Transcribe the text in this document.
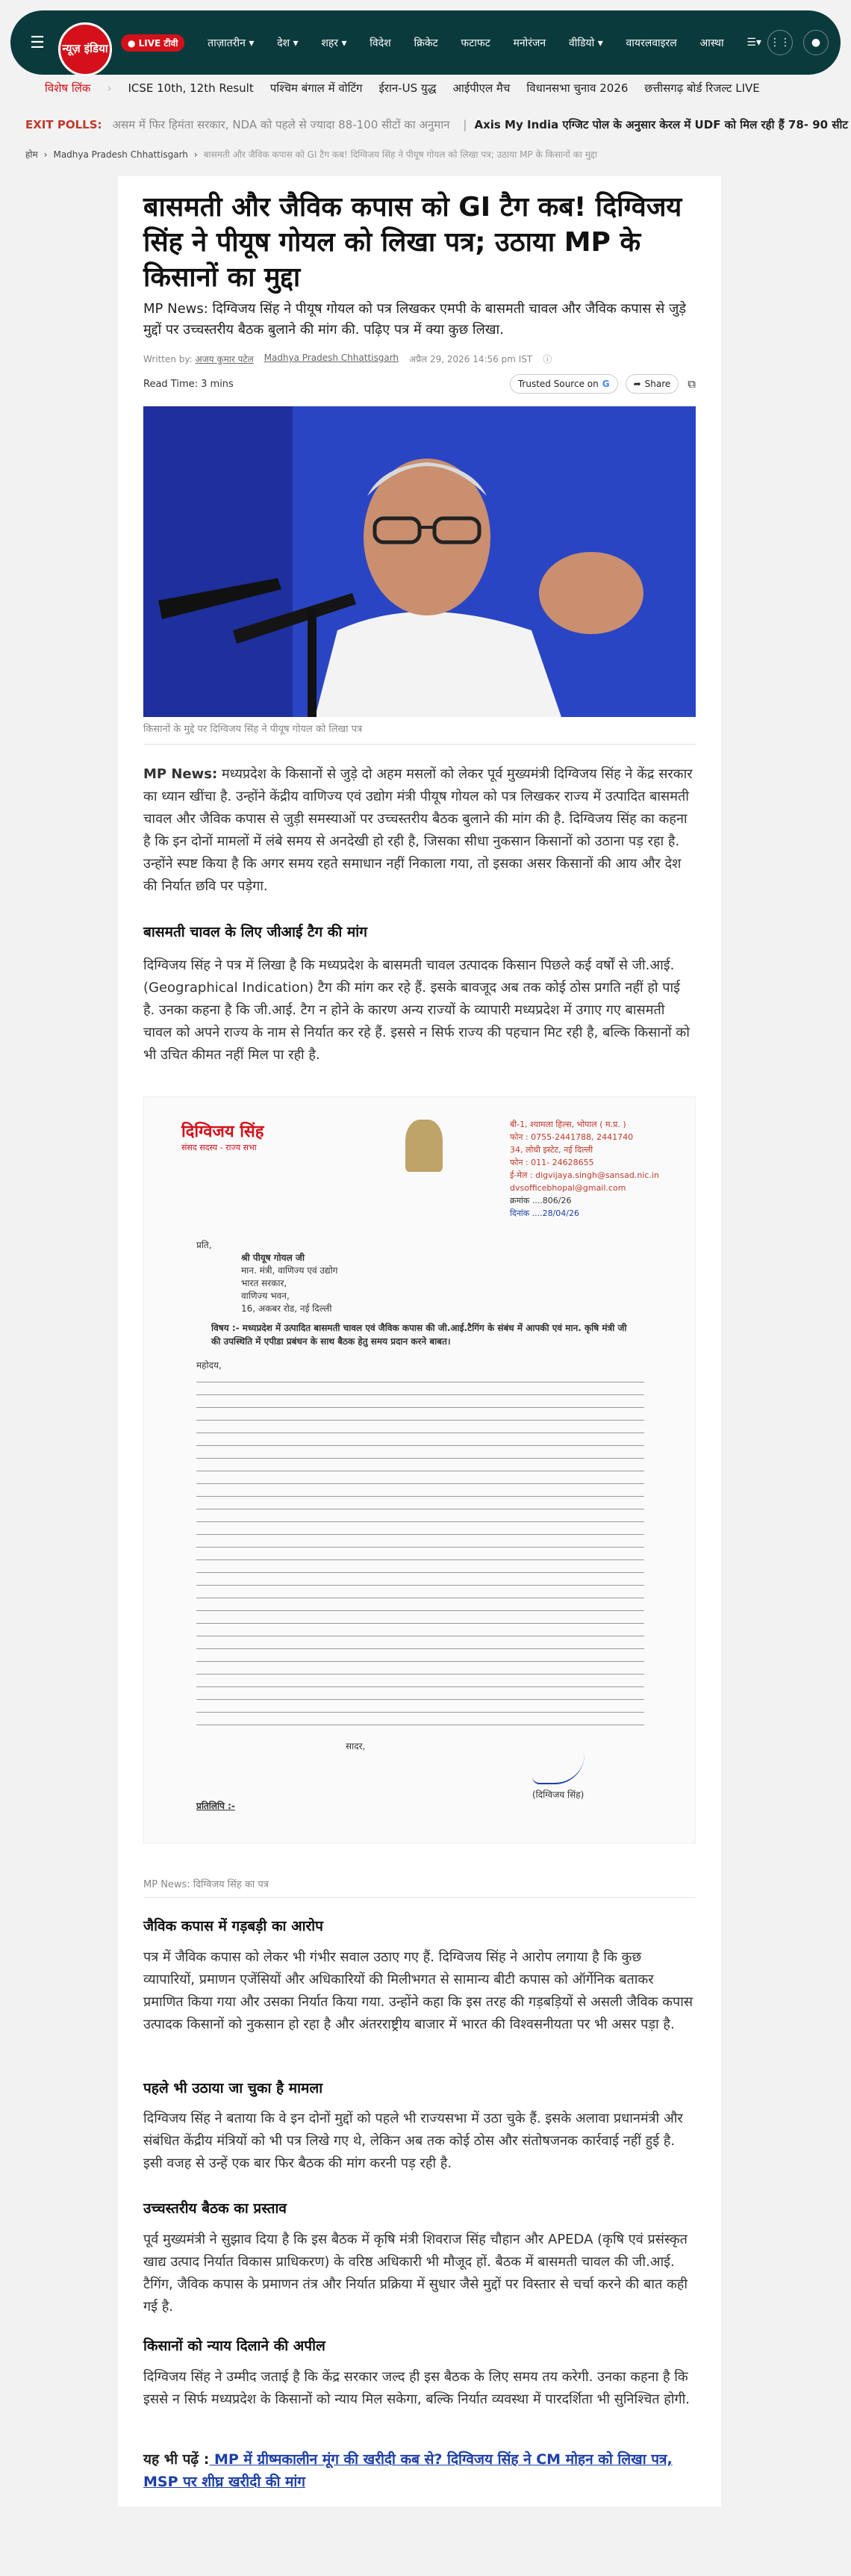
☰	न्यूज़ इंडिया	● LIVE टीवी	ताज़ातरीन ▾ देश ▾ शहर ▾ विदेश क्रिकेट फटाफट मनोरंजन वीडियो ▾ वायरलवाइरल आस्था ☰▾ ⋮⋮	●
विशेष लिंक › ICSE 10th, 12th Result पश्चिम बंगाल में वोटिंग ईरान-US युद्ध आईपीएल मैच विधानसभा चुनाव 2026 छत्तीसगढ़ बोर्ड रिजल्ट LIVE
EXIT POLLS: असम में फिर हिमंता सरकार, NDA को पहले से ज्यादा 88-100 सीटों का अनुमान | Axis My India एग्जिट पोल के अनुसार केरल में UDF को मिल रही हैं 78- 90 सीट
होम › Madhya Pradesh Chhattisgarh › बासमती और जैविक कपास को GI टैग कब! दिग्विजय सिंह ने पीयूष गोयल को लिखा पत्र; उठाया MP के किसानों का मुद्दा
बासमती और जैविक कपास को GI टैग कब! दिग्विजय सिंह ने पीयूष गोयल को लिखा पत्र; उठाया MP के किसानों का मुद्दा
MP News: दिग्विजय सिंह ने पीयूष गोयल को पत्र लिखकर एमपी के बासमती चावल और जैविक कपास से जुड़े मुद्दों पर उच्चस्तरीय बैठक बुलाने की मांग की. पढ़िए पत्र में क्या कुछ लिखा.
Written by: अजय कुमार पटेल Madhya Pradesh Chhattisgarh अप्रैल 29, 2026 14:56 pm IST ⓘ
Read Time: 3 mins	Trusted Source on G	➦ Share ⧉
किसानों के मुद्दे पर दिग्विजय सिंह ने पीयूष गोयल को लिखा पत्र
MP News: मध्यप्रदेश के किसानों से जुड़े दो अहम मसलों को लेकर पूर्व मुख्यमंत्री दिग्विजय सिंह ने केंद्र सरकार का ध्यान खींचा है. उन्होंने केंद्रीय वाणिज्य एवं उद्योग मंत्री पीयूष गोयल को पत्र लिखकर राज्य में उत्पादित बासमती चावल और जैविक कपास से जुड़ी समस्याओं पर उच्चस्तरीय बैठक बुलाने की मांग की है. दिग्विजय सिंह का कहना है कि इन दोनों मामलों में लंबे समय से अनदेखी हो रही है, जिसका सीधा नुकसान किसानों को उठाना पड़ रहा है. उन्होंने स्पष्ट किया है कि अगर समय रहते समाधान नहीं निकाला गया, तो इसका असर किसानों की आय और देश की निर्यात छवि पर पड़ेगा.
बासमती चावल के लिए जीआई टैग की मांग
दिग्विजय सिंह ने पत्र में लिखा है कि मध्यप्रदेश के बासमती चावल उत्पादक किसान पिछले कई वर्षों से जी.आई. (Geographical Indication) टैग की मांग कर रहे हैं. इसके बावजूद अब तक कोई ठोस प्रगति नहीं हो पाई है. उनका कहना है कि जी.आई. टैग न होने के कारण अन्य राज्यों के व्यापारी मध्यप्रदेश में उगाए गए बासमती चावल को अपने राज्य के नाम से निर्यात कर रहे हैं. इससे न सिर्फ राज्य की पहचान मिट रही है, बल्कि किसानों को भी उचित कीमत नहीं मिल पा रही है.
दिग्विजय सिंह
संसद सदस्य - राज्य सभा
बी-1, श्यामला हिल्स, भोपाल ( म.प्र. )
फोन : 0755-2441788, 2441740
34, लोधी इस्टेट, नई दिल्ली
फोन : 011- 24628655
ई-मेल : digvijaya.singh@sansad.nic.in
dvsofficebhopal@gmail.com
क्रमांक ....806/26
दिनांक ....28/04/26
प्रति,
श्री पीयूष गोयल जी
मान. मंत्री, वाणिज्य एवं उद्योग
भारत सरकार,
वाणिज्य भवन,
16, अकबर रोड, नई दिल्ली
विषय :- मध्यप्रदेश में उत्पादित बासमती चावल एवं जैविक कपास की जी.आई.टैगिंग के संबंध में आपकी एवं मान. कृषि मंत्री जी की उपस्थिति में एपीडा प्रबंधन के साथ बैठक हेतु समय प्रदान करने बाबत।
महोदय,
सादर,
(दिग्विजय सिंह)
प्रतिलिपि :-
MP News: दिग्विजय सिंह का पत्र
जैविक कपास में गड़बड़ी का आरोप
पत्र में जैविक कपास को लेकर भी गंभीर सवाल उठाए गए हैं. दिग्विजय सिंह ने आरोप लगाया है कि कुछ व्यापारियों, प्रमाणन एजेंसियों और अधिकारियों की मिलीभगत से सामान्य बीटी कपास को ऑर्गेनिक बताकर प्रमाणित किया गया और उसका निर्यात किया गया. उन्होंने कहा कि इस तरह की गड़बड़ियों से असली जैविक कपास उत्पादक किसानों को नुकसान हो रहा है और अंतरराष्ट्रीय बाजार में भारत की विश्वसनीयता पर भी असर पड़ा है.
पहले भी उठाया जा चुका है मामला
दिग्विजय सिंह ने बताया कि वे इन दोनों मुद्दों को पहले भी राज्यसभा में उठा चुके हैं. इसके अलावा प्रधानमंत्री और संबंधित केंद्रीय मंत्रियों को भी पत्र लिखे गए थे, लेकिन अब तक कोई ठोस और संतोषजनक कार्रवाई नहीं हुई है. इसी वजह से उन्हें एक बार फिर बैठक की मांग करनी पड़ रही है.
उच्चस्तरीय बैठक का प्रस्ताव
पूर्व मुख्यमंत्री ने सुझाव दिया है कि इस बैठक में कृषि मंत्री शिवराज सिंह चौहान और APEDA (कृषि एवं प्रसंस्कृत खाद्य उत्पाद निर्यात विकास प्राधिकरण) के वरिष्ठ अधिकारी भी मौजूद हों. बैठक में बासमती चावल की जी.आई. टैगिंग, जैविक कपास के प्रमाणन तंत्र और निर्यात प्रक्रिया में सुधार जैसे मुद्दों पर विस्तार से चर्चा करने की बात कही गई है.
किसानों को न्याय दिलाने की अपील
दिग्विजय सिंह ने उम्मीद जताई है कि केंद्र सरकार जल्द ही इस बैठक के लिए समय तय करेगी. उनका कहना है कि इससे न सिर्फ मध्यप्रदेश के किसानों को न्याय मिल सकेगा, बल्कि निर्यात व्यवस्था में पारदर्शिता भी सुनिश्चित होगी.
यह भी पढ़ें : MP में ग्रीष्मकालीन मूंग की खरीदी कब से? दिग्विजय सिंह ने CM मोहन को लिखा पत्र, MSP पर शीघ्र खरीदी की मांग
